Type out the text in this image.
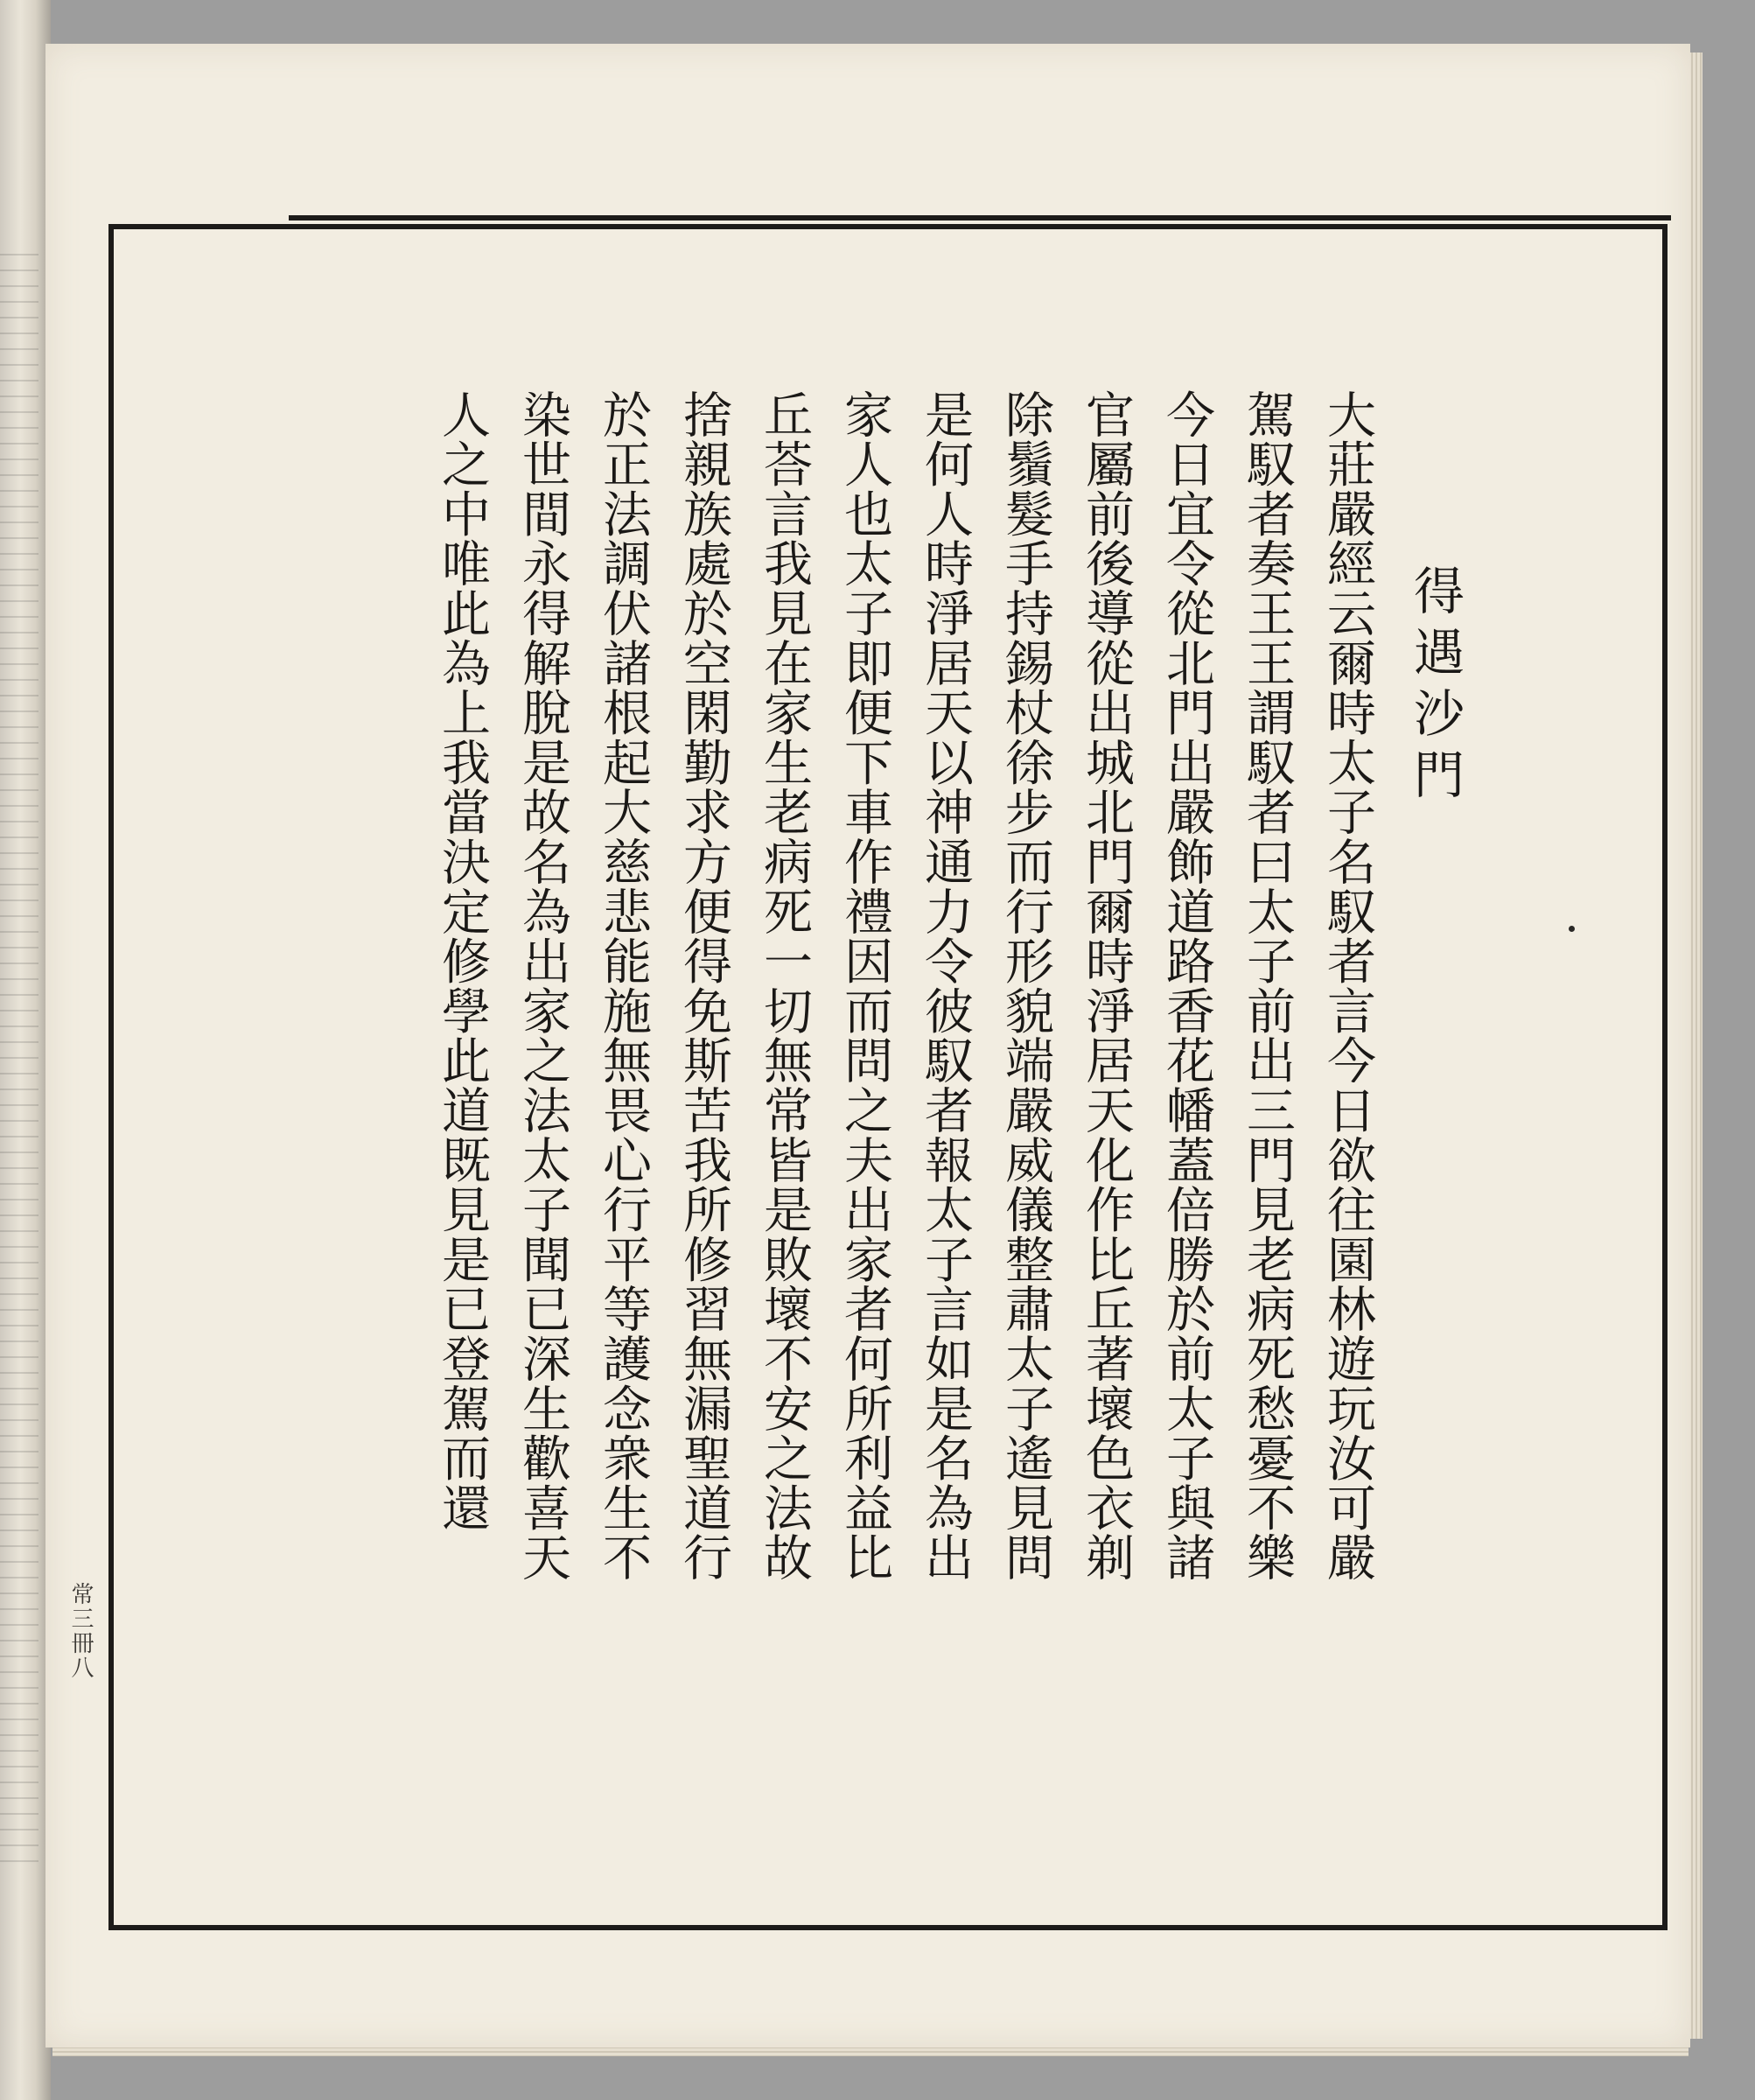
得遇沙門
大莊嚴經云爾時太子名馭者言今日欲往園林遊玩汝可嚴
駕馭者奏王王謂馭者曰太子前出三門見老病死愁憂不樂
今日宜令從北門出嚴飾道路香花幡蓋倍勝於前太子與諸
官屬前後導從出城北門爾時淨居天化作比丘著壞色衣剃
除鬚髮手持錫杖徐步而行形貌端嚴威儀整肅太子遙見問
是何人時淨居天以神通力令彼馭者報太子言如是名為出
家人也太子即便下車作禮因而問之夫出家者何所利益比
丘荅言我見在家生老病死一切無常皆是敗壞不安之法故
捨親族處於空閑勤求方便得免斯苦我所修習無漏聖道行
於正法調伏諸根起大慈悲能施無畏心行平等護念衆生不
染世間永得解脫是故名為出家之法太子聞已深生歡喜天
人之中唯此為上我當決定修學此道既見是已登駕而還
常三冊八
